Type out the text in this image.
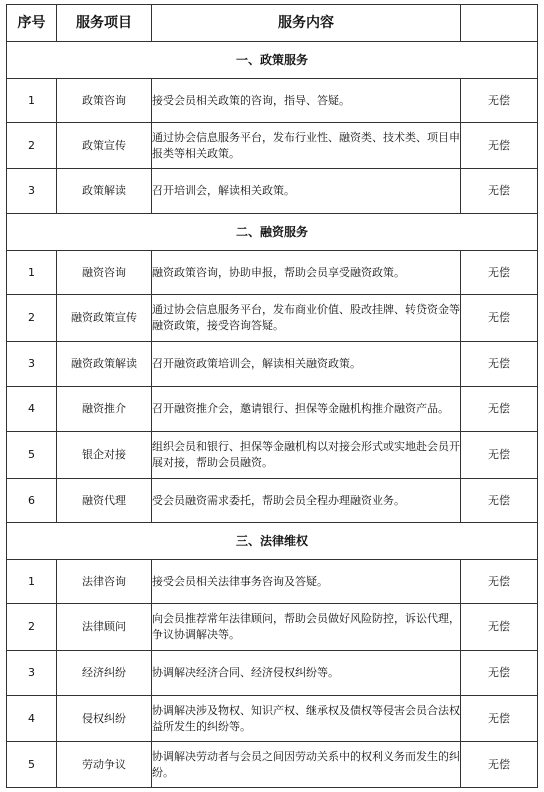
序号	服务项目	服务内容	
一、政策服务			
1	政策咨询	接受会员相关政策的咨询，指导、答疑。	无偿
2	政策宣传	通过协会信息服务平台，发布行业性、融资类、技术类、项目申报类等相关政策。	无偿
3	政策解读	召开培训会，解读相关政策。	无偿
二、融资服务			
1	融资咨询	融资政策咨询，协助申报，帮助会员享受融资政策。	无偿
2	融资政策宣传	通过协会信息服务平台，发布商业价值、股改挂牌、转贷资金等融资政策，接受咨询答疑。	无偿
3	融资政策解读	召开融资政策培训会，解读相关融资政策。	无偿
4	融资推介	召开融资推介会，邀请银行、担保等金融机构推介融资产品。	无偿
5	银企对接	组织会员和银行、担保等金融机构以对接会形式或实地赴会员开展对接，帮助会员融资。	无偿
6	融资代理	受会员融资需求委托，帮助会员全程办理融资业务。	无偿
三、法律维权			
1	法律咨询	接受会员相关法律事务咨询及答疑。	无偿
2	法律顾问	向会员推荐常年法律顾问，帮助会员做好风险防控，诉讼代理，争议协调解决等。	无偿
3	经济纠纷	协调解决经济合同、经济侵权纠纷等。	无偿
4	侵权纠纷	协调解决涉及物权、知识产权、继承权及债权等侵害会员合法权益所发生的纠纷等。	无偿
5	劳动争议	协调解决劳动者与会员之间因劳动关系中的权利义务而发生的纠纷。	无偿
